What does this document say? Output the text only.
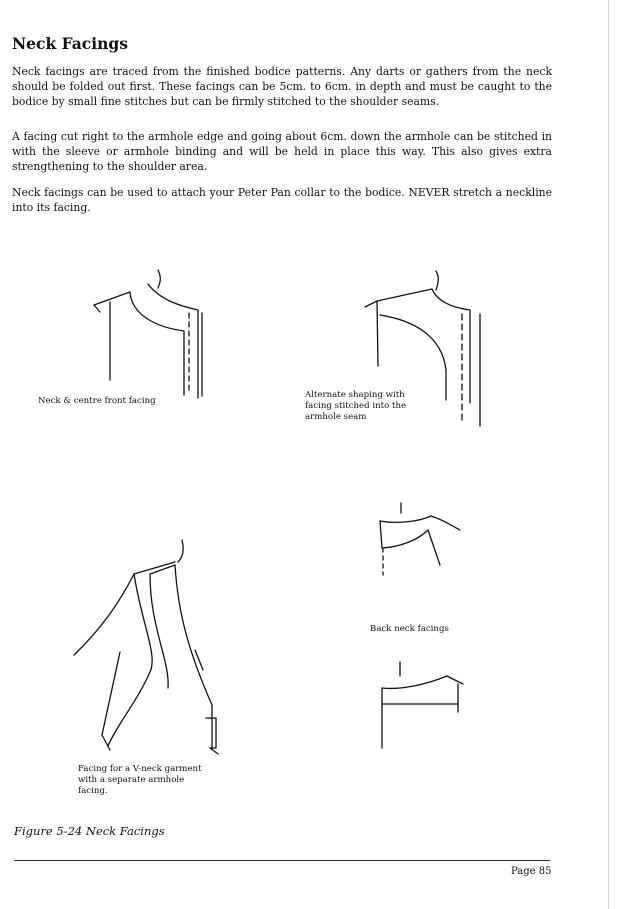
Neck Facings

Neck facings are traced from the finished bodice patterns. Any darts or gathers from the neck should be folded out first. These facings can be 5cm. to 6cm. in depth and must be caught to the bodice by small fine stitches but can be firmly stitched to the shoulder seams.

A facing cut right to the armhole edge and going about 6cm. down the armhole can be stitched in with the sleeve or armhole binding and will be held in place this way. This also gives extra strengthening to the shoulder area.

Neck facings can be used to attach your Peter Pan collar to the bodice. NEVER stretch a neckline into its facing.

Neck & centre front facing

Alternate shaping with facing stitched into the armhole seam

Back neck facings

Facing for a V-neck garment with a separate armhole facing.

Figure 5-24 Neck Facings

Page 85
